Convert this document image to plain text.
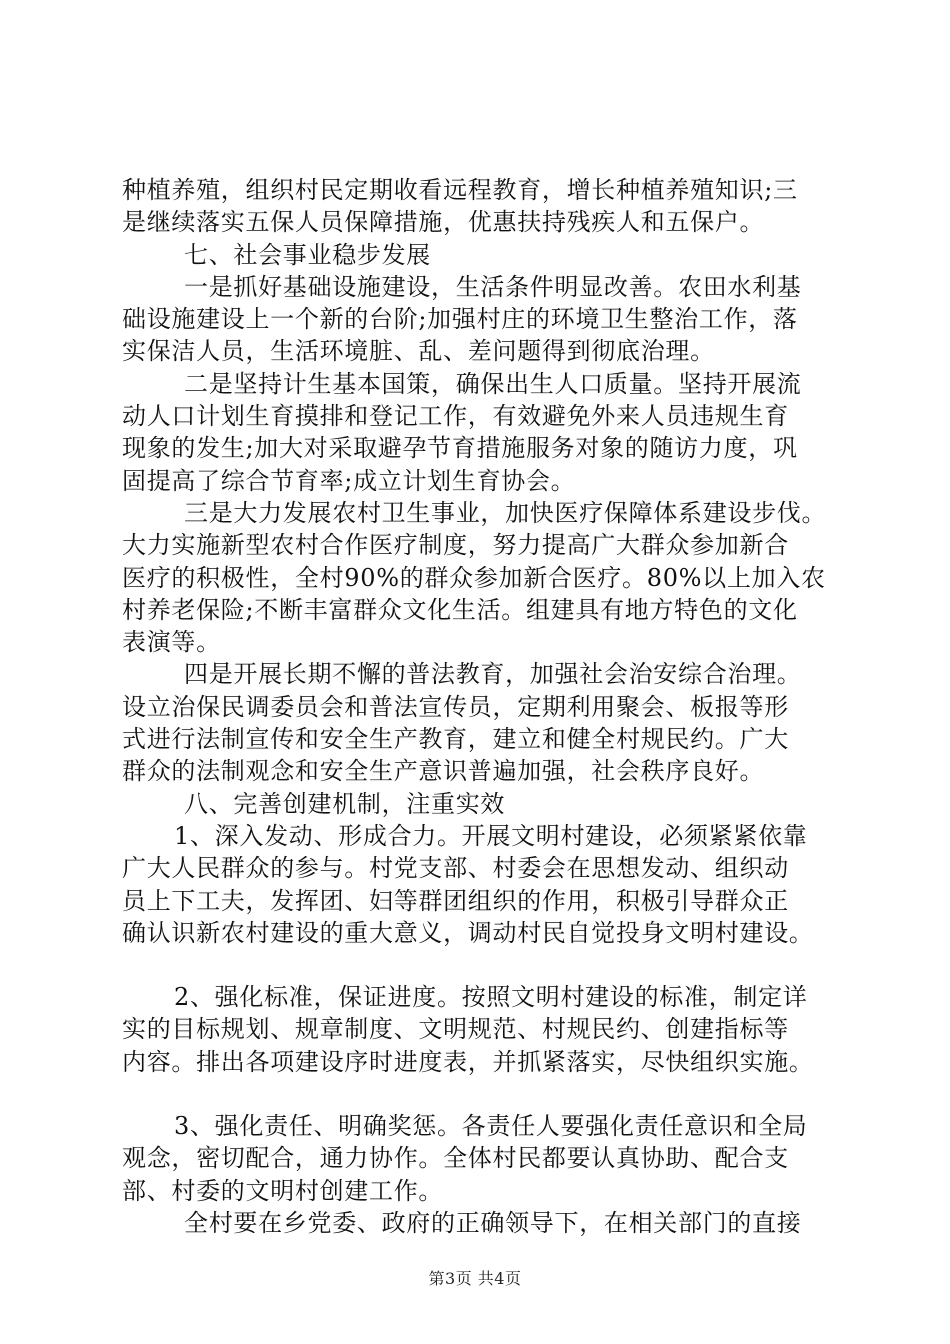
种植养殖，组织村民定期收看远程教育，增长种植养殖知识;三

是继续落实五保人员保障措施，优惠扶持残疾人和五保户。

七、社会事业稳步发展

一是抓好基础设施建设，生活条件明显改善。农田水利基

础设施建设上一个新的台阶;加强村庄的环境卫生整治工作，落

实保洁人员，生活环境脏、乱、差问题得到彻底治理。

二是坚持计生基本国策，确保出生人口质量。坚持开展流

动人口计划生育摸排和登记工作，有效避免外来人员违规生育

现象的发生;加大对采取避孕节育措施服务对象的随访力度，巩

固提高了综合节育率;成立计划生育协会。

三是大力发展农村卫生事业，加快医疗保障体系建设步伐。

大力实施新型农村合作医疗制度，努力提高广大群众参加新合

医疗的积极性，全村90%的群众参加新合医疗。80%以上加入农

村养老保险;不断丰富群众文化生活。组建具有地方特色的文化

表演等。

四是开展长期不懈的普法教育，加强社会治安综合治理。

设立治保民调委员会和普法宣传员，定期利用聚会、板报等形

式进行法制宣传和安全生产教育，建立和健全村规民约。广大

群众的法制观念和安全生产意识普遍加强，社会秩序良好。

八、完善创建机制，注重实效

1、深入发动、形成合力。开展文明村建设，必须紧紧依靠

广大人民群众的参与。村党支部、村委会在思想发动、组织动

员上下工夫，发挥团、妇等群团组织的作用，积极引导群众正

确认识新农村建设的重大意义，调动村民自觉投身文明村建设。

2、强化标准，保证进度。按照文明村建设的标准，制定详

实的目标规划、规章制度、文明规范、村规民约、创建指标等

内容。排出各项建设序时进度表，并抓紧落实，尽快组织实施。

3、强化责任、明确奖惩。各责任人要强化责任意识和全局

观念，密切配合，通力协作。全体村民都要认真协助、配合支

部、村委的文明村创建工作。

全村要在乡党委、政府的正确领导下，在相关部门的直接

第3页 共4页
